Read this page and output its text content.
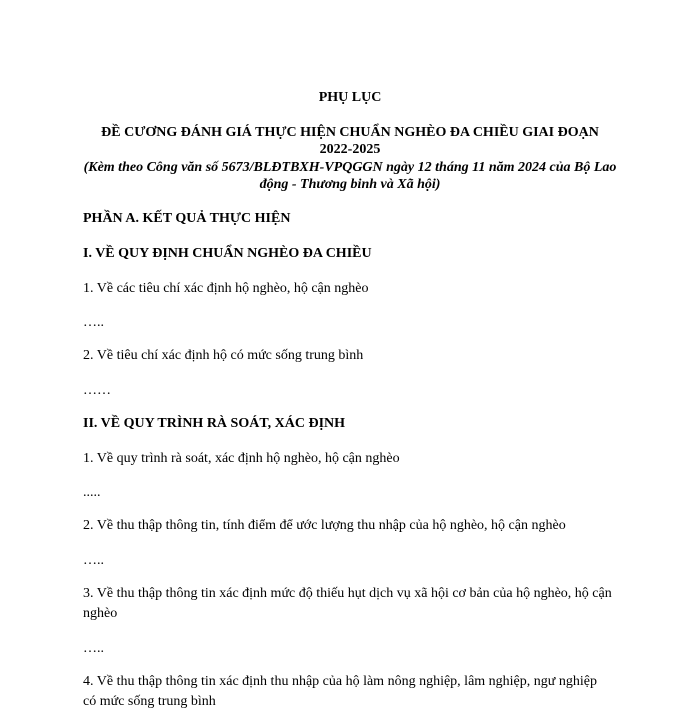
PHỤ LỤC
ĐỀ CƯƠNG ĐÁNH GIÁ THỰC HIỆN CHUẨN NGHÈO ĐA CHIỀU GIAI ĐOẠN 2022-2025
(Kèm theo Công văn số 5673/BLĐTBXH-VPQGGN ngày 12 tháng 11 năm 2024 của Bộ Lao động - Thương binh và Xã hội)
PHẦN A. KẾT QUẢ THỰC HIỆN
I. VỀ QUY ĐỊNH CHUẨN NGHÈO ĐA CHIỀU
1. Về các tiêu chí xác định hộ nghèo, hộ cận nghèo
…..
2. Về tiêu chí xác định hộ có mức sống trung bình
……
II. VỀ QUY TRÌNH RÀ SOÁT, XÁC ĐỊNH
1. Về quy trình rà soát, xác định hộ nghèo, hộ cận nghèo
.....
2. Về thu thập thông tin, tính điểm để ước lượng thu nhập của hộ nghèo, hộ cận nghèo
…..
3. Về thu thập thông tin xác định mức độ thiếu hụt dịch vụ xã hội cơ bản của hộ nghèo, hộ cận nghèo
…..
4. Về thu thập thông tin xác định thu nhập của hộ làm nông nghiệp, lâm nghiệp, ngư nghiệp có mức sống trung bình
